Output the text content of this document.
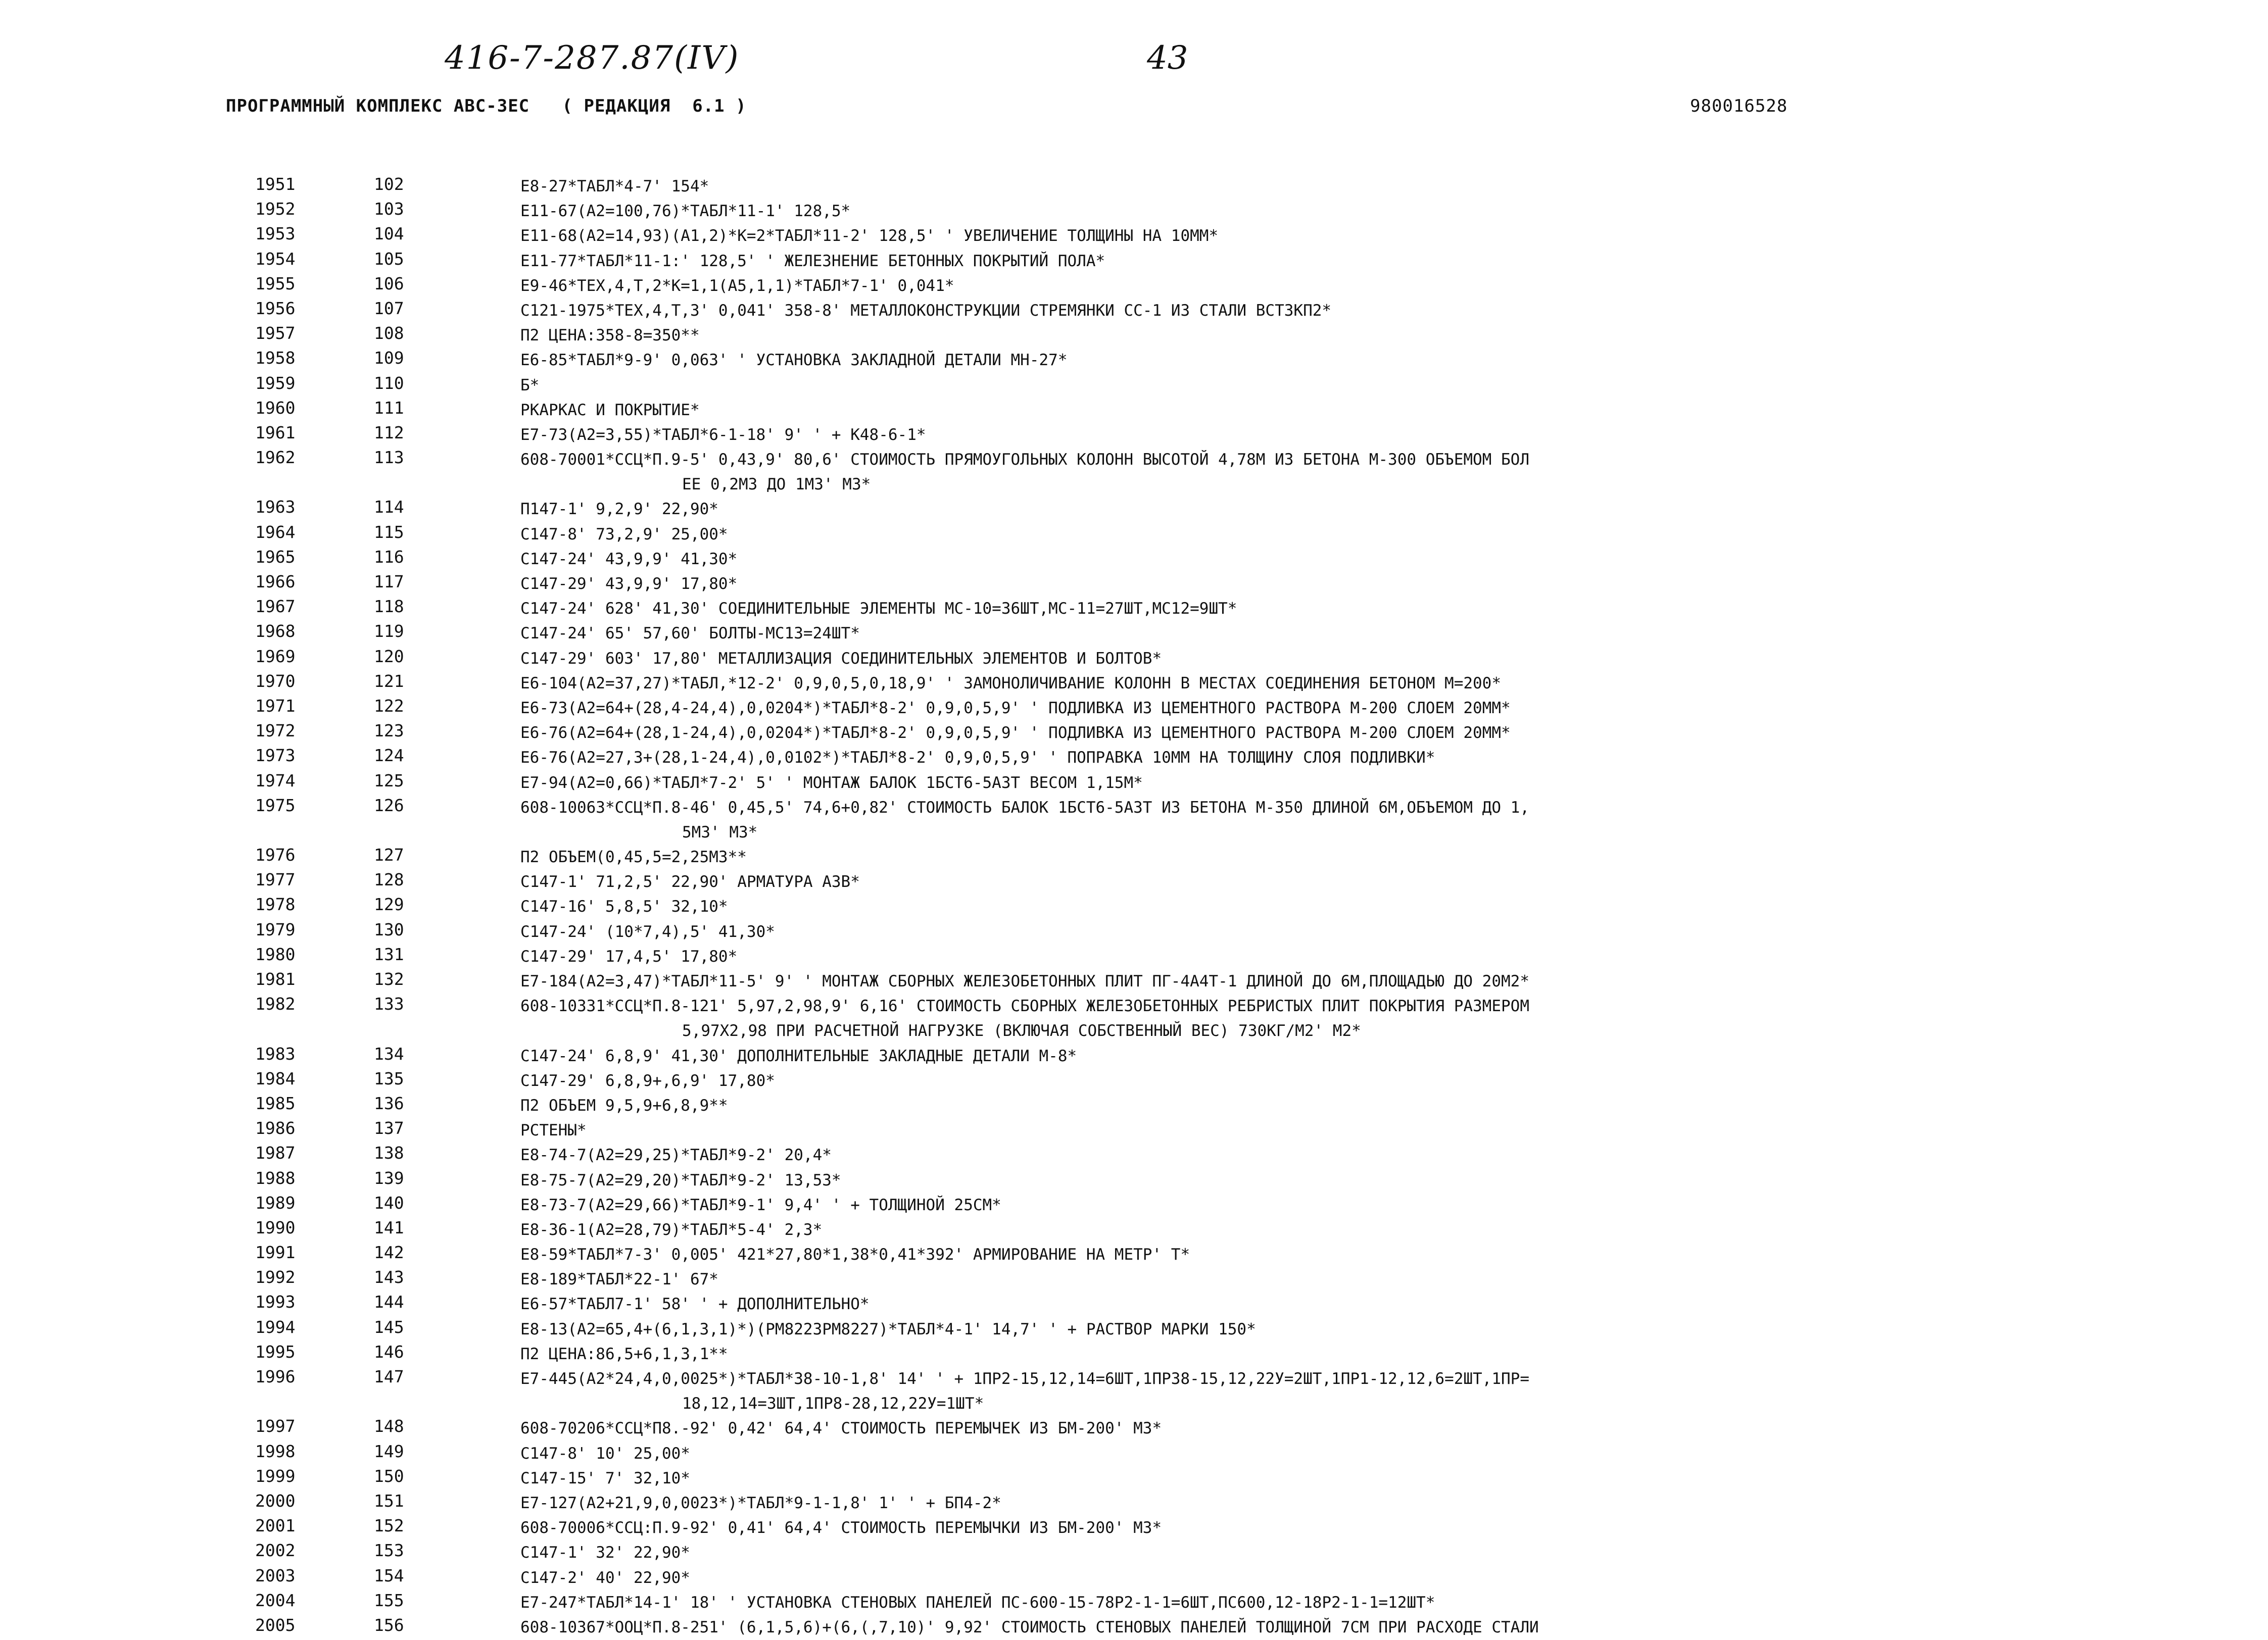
416-7-287.87(IV)	43
ПРОГРАММНЫЙ КОМПЛЕКС АВС-3ЕС   ( РЕДАКЦИЯ  6.1 )	980016528
1951	102	Е8-27*ТАБЛ*4-7' 154*
1952	103	Е11-67(А2=100,76)*ТАБЛ*11-1' 128,5*
1953	104	Е11-68(А2=14,93)(А1,2)*К=2*ТАБЛ*11-2' 128,5' ' УВЕЛИЧЕНИЕ ТОЛЩИНЫ НА 10ММ*
1954	105	Е11-77*ТАБЛ*11-1:' 128,5' ' ЖЕЛЕЗНЕНИЕ БЕТОННЫХ ПОКРЫТИЙ ПОЛА*
1955	106	Е9-46*ТЕХ,4,Т,2*К=1,1(А5,1,1)*ТАБЛ*7-1' 0,041*
1956	107	С121-1975*ТЕХ,4,Т,3' 0,041' 358-8' МЕТАЛЛОКОНСТРУКЦИИ СТРЕМЯНКИ СС-1 ИЗ СТАЛИ ВСТ3КП2*
1957	108	П2 ЦЕНА:358-8=350**
1958	109	Е6-85*ТАБЛ*9-9' 0,063' ' УСТАНОВКА ЗАКЛАДНОЙ ДЕТАЛИ МН-27*
1959	110	Б*
1960	111	РКАРКАС И ПОКРЫТИЕ*
1961	112	Е7-73(А2=3,55)*ТАБЛ*6-1-18' 9' ' + К48-6-1*
1962	113	608-70001*ССЦ*П.9-5' 0,43,9' 80,6' СТОИМОСТЬ ПРЯМОУГОЛЬНЫХ КОЛОНН ВЫСОТОЙ 4,78М ИЗ БЕТОНА М-300 ОБЪЕМОМ БОЛ
ЕЕ 0,2М3 ДО 1М3' М3*
1963	114	П147-1' 9,2,9' 22,90*
1964	115	С147-8' 73,2,9' 25,00*
1965	116	С147-24' 43,9,9' 41,30*
1966	117	С147-29' 43,9,9' 17,80*
1967	118	С147-24' 628' 41,30' СОЕДИНИТЕЛЬНЫЕ ЭЛЕМЕНТЫ МС-10=36ШТ,МС-11=27ШТ,МС12=9ШТ*
1968	119	С147-24' 65' 57,60' БОЛТЫ-МС13=24ШТ*
1969	120	С147-29' 603' 17,80' МЕТАЛЛИЗАЦИЯ СОЕДИНИТЕЛЬНЫХ ЭЛЕМЕНТОВ И БОЛТОВ*
1970	121	Е6-104(А2=37,27)*ТАБЛ,*12-2' 0,9,0,5,0,18,9' ' ЗАМОНОЛИЧИВАНИЕ КОЛОНН В МЕСТАХ СОЕДИНЕНИЯ БЕТОНОМ М=200*
1971	122	Е6-73(А2=64+(28,4-24,4),0,0204*)*ТАБЛ*8-2' 0,9,0,5,9' ' ПОДЛИВКА ИЗ ЦЕМЕНТНОГО РАСТВОРА М-200 СЛОЕМ 20ММ*
1972	123	Е6-76(А2=64+(28,1-24,4),0,0204*)*ТАБЛ*8-2' 0,9,0,5,9' ' ПОДЛИВКА ИЗ ЦЕМЕНТНОГО РАСТВОРА М-200 СЛОЕМ 20ММ*
1973	124	Е6-76(А2=27,3+(28,1-24,4),0,0102*)*ТАБЛ*8-2' 0,9,0,5,9' ' ПОПРАВКА 10ММ НА ТОЛЩИНУ СЛОЯ ПОДЛИВКИ*
1974	125	Е7-94(А2=0,66)*ТАБЛ*7-2' 5' ' МОНТАЖ БАЛОК 1БСТ6-5А3Т ВЕСОМ 1,15М*
1975	126	608-10063*ССЦ*П.8-46' 0,45,5' 74,6+0,82' СТОИМОСТЬ БАЛОК 1БСТ6-5А3Т ИЗ БЕТОНА М-350 ДЛИНОЙ 6М,ОБЪЕМОМ ДО 1,
5М3' М3*
1976	127	П2 ОБЪЕМ(0,45,5=2,25М3**
1977	128	С147-1' 71,2,5' 22,90' АРМАТУРА А3В*
1978	129	С147-16' 5,8,5' 32,10*
1979	130	С147-24' (10*7,4),5' 41,30*
1980	131	С147-29' 17,4,5' 17,80*
1981	132	Е7-184(А2=3,47)*ТАБЛ*11-5' 9' ' МОНТАЖ СБОРНЫХ ЖЕЛЕЗОБЕТОННЫХ ПЛИТ ПГ-4А4Т-1 ДЛИНОЙ ДО 6М,ПЛОЩАДЬЮ ДО 20М2*
1982	133	608-10331*ССЦ*П.8-121' 5,97,2,98,9' 6,16' СТОИМОСТЬ СБОРНЫХ ЖЕЛЕЗОБЕТОННЫХ РЕБРИСТЫХ ПЛИТ ПОКРЫТИЯ РАЗМЕРОМ
5,97Х2,98 ПРИ РАСЧЕТНОЙ НАГРУЗКЕ (ВКЛЮЧАЯ СОБСТВЕННЫЙ ВЕС) 730КГ/М2' М2*
1983	134	С147-24' 6,8,9' 41,30' ДОПОЛНИТЕЛЬНЫЕ ЗАКЛАДНЫЕ ДЕТАЛИ М-8*
1984	135	С147-29' 6,8,9+,6,9' 17,80*
1985	136	П2 ОБЪЕМ 9,5,9+6,8,9**
1986	137	РСТЕНЫ*
1987	138	Е8-74-7(А2=29,25)*ТАБЛ*9-2' 20,4*
1988	139	Е8-75-7(А2=29,20)*ТАБЛ*9-2' 13,53*
1989	140	Е8-73-7(А2=29,66)*ТАБЛ*9-1' 9,4' ' + ТОЛЩИНОЙ 25СМ*
1990	141	Е8-36-1(А2=28,79)*ТАБЛ*5-4' 2,3*
1991	142	Е8-59*ТАБЛ*7-3' 0,005' 421*27,80*1,38*0,41*392' АРМИРОВАНИЕ НА МЕТР' Т*
1992	143	Е8-189*ТАБЛ*22-1' 67*
1993	144	Е6-57*ТАБЛ7-1' 58' ' + ДОПОЛНИТЕЛЬНО*
1994	145	Е8-13(А2=65,4+(6,1,3,1)*)(РМ8223РМ8227)*ТАБЛ*4-1' 14,7' ' + РАСТВОР МАРКИ 150*
1995	146	П2 ЦЕНА:86,5+6,1,3,1**
1996	147	Е7-445(А2*24,4,0,0025*)*ТАБЛ*38-10-1,8' 14' ' + 1ПР2-15,12,14=6ШТ,1ПР38-15,12,22У=2ШТ,1ПР1-12,12,6=2ШТ,1ПР=
18,12,14=3ШТ,1ПР8-28,12,22У=1ШТ*
1997	148	608-70206*ССЦ*П8.-92' 0,42' 64,4' СТОИМОСТЬ ПЕРЕМЫЧЕК ИЗ БМ-200' М3*
1998	149	С147-8' 10' 25,00*
1999	150	С147-15' 7' 32,10*
2000	151	Е7-127(А2+21,9,0,0023*)*ТАБЛ*9-1-1,8' 1' ' + БП4-2*
2001	152	608-70006*ССЦ:П.9-92' 0,41' 64,4' СТОИМОСТЬ ПЕРЕМЫЧКИ ИЗ БМ-200' М3*
2002	153	С147-1' 32' 22,90*
2003	154	С147-2' 40' 22,90*
2004	155	Е7-247*ТАБЛ*14-1' 18' ' УСТАНОВКА СТЕНОВЫХ ПАНЕЛЕЙ ПС-600-15-78Р2-1-1=6ШТ,ПС600,12-18Р2-1-1=12ШТ*
2005	156	608-10367*ООЦ*П.8-251' (6,1,5,6)+(6,(,7,10)' 9,92' СТОИМОСТЬ СТЕНОВЫХ ПАНЕЛЕЙ ТОЛЩИНОЙ 7СМ ПРИ РАСХОДЕ СТАЛИ
